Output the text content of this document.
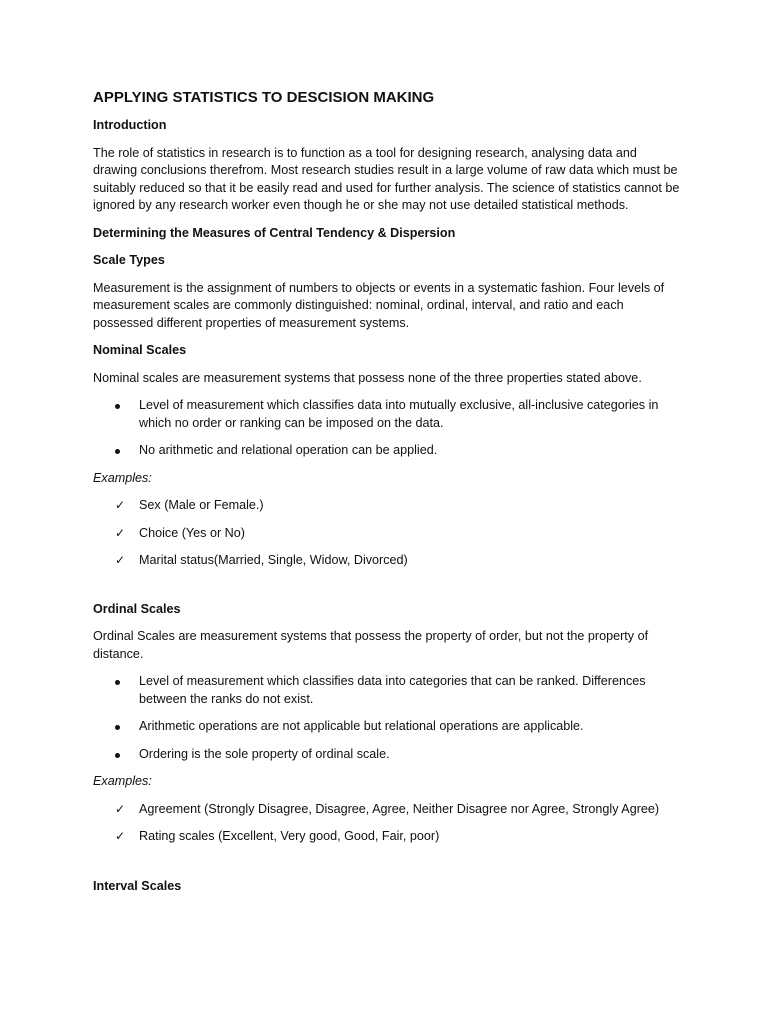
APPLYING STATISTICS TO DESCISION MAKING
Introduction
The role of statistics in research is to function as a tool for designing research, analysing data and drawing conclusions therefrom. Most research studies result in a large volume of raw data which must be suitably reduced so that it be easily read and used for further analysis. The science of statistics cannot be ignored by any research worker even though he or she may not use detailed statistical methods.
Determining the Measures of Central Tendency & Dispersion
Scale Types
Measurement is the assignment of numbers to objects or events in a systematic fashion. Four levels of measurement scales are commonly distinguished: nominal, ordinal, interval, and ratio and each possessed different properties of measurement systems.
Nominal Scales
Nominal scales are measurement systems that possess none of the three properties stated above.
Level of measurement which classifies data into mutually exclusive, all-inclusive categories in which no order or ranking can be imposed on the data.
No arithmetic and relational operation can be applied.
Examples:
✓	Sex (Male or Female.)
✓	Choice (Yes or No)
✓	Marital status(Married, Single, Widow, Divorced)
Ordinal Scales
Ordinal Scales are measurement systems that possess the property of order, but not the property of distance.
Level of measurement which classifies data into categories that can be ranked. Differences between the ranks do not exist.
Arithmetic operations are not applicable but relational operations are applicable.
Ordering is the sole property of ordinal scale.
Examples:
✓	Agreement (Strongly Disagree, Disagree, Agree, Neither Disagree nor Agree, Strongly Agree)
✓	Rating scales (Excellent, Very good, Good, Fair, poor)
Interval Scales
